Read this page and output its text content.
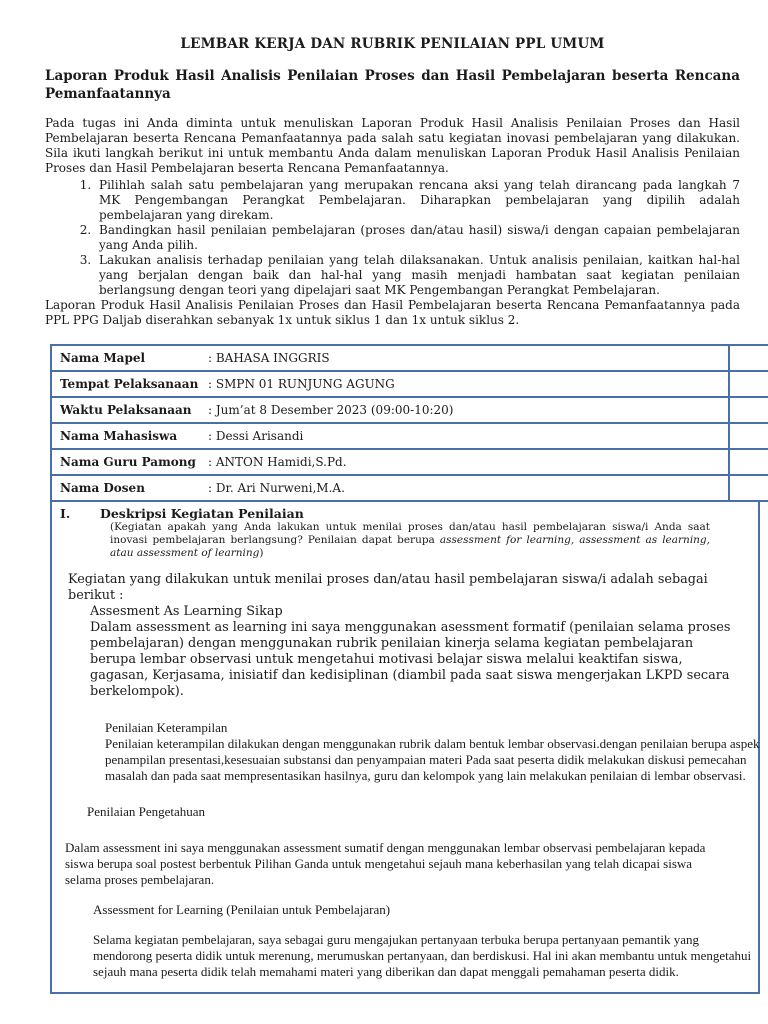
LEMBAR KERJA DAN RUBRIK PENILAIAN PPL UMUM
Laporan Produk Hasil Analisis Penilaian Proses dan Hasil Pembelajaran beserta Rencana Pemanfaatannya

Pada tugas ini Anda diminta untuk menuliskan Laporan Produk Hasil Analisis Penilaian Proses dan Hasil Pembelajaran beserta Rencana Pemanfaatannya pada salah satu kegiatan inovasi pembelajaran yang dilakukan. Sila ikuti langkah berikut ini untuk membantu Anda dalam menuliskan Laporan Produk Hasil Analisis Penilaian Proses dan Hasil Pembelajaran beserta Rencana Pemanfaatannya.

1. Pilihlah salah satu pembelajaran yang merupakan rencana aksi yang telah dirancang pada langkah 7 MK Pengembangan Perangkat Pembelajaran. Diharapkan pembelajaran yang dipilih adalah pembelajaran yang direkam.
2. Bandingkan hasil penilaian pembelajaran (proses dan/atau hasil) siswa/i dengan capaian pembelajaran yang Anda pilih.
3. Lakukan analisis terhadap penilaian yang telah dilaksanakan. Untuk analisis penilaian, kaitkan hal-hal yang berjalan dengan baik dan hal-hal yang masih menjadi hambatan saat kegiatan penilaian berlangsung dengan teori yang dipelajari saat MK Pengembangan Perangkat Pembelajaran.

Laporan Produk Hasil Analisis Penilaian Proses dan Hasil Pembelajaran beserta Rencana Pemanfaatannya pada PPL PPG Daljab diserahkan sebanyak 1x untuk siklus 1 dan 1x untuk siklus 2.

Nama Mapel : BAHASA INGGRIS	

Tempat Pelaksanaan : SMPN 01 RUNJUNG AGUNG	

Waktu Pelaksanaan : Jum’at 8 Desember 2023 (09:00-10:20)	

Nama Mahasiswa : Dessi Arisandi	

Nama Guru Pamong : ANTON Hamidi,S.Pd.	

Nama Dosen : Dr. Ari Nurweni,M.A.	

I.	Deskripsi Kegiatan Penilaian
(Kegiatan apakah yang Anda lakukan untuk menilai proses dan/atau hasil pembelajaran siswa/i Anda saat inovasi pembelajaran berlangsung? Penilaian dapat berupa assessment for learning, assessment as learning, atau assessment of learning)
Kegiatan yang dilakukan untuk menilai proses dan/atau hasil pembelajaran siswa/i adalah sebagai berikut :
Assesment As Learning Sikap
Dalam assessment as learning ini saya menggunakan asessment formatif (penilaian selama proses pembelajaran) dengan menggunakan rubrik penilaian kinerja selama kegiatan pembelajaran berupa lembar observasi untuk mengetahui motivasi belajar siswa melalui keaktifan siswa, gagasan, Kerjasama, inisiatif dan kedisiplinan (diambil pada saat siswa mengerjakan LKPD secara berkelompok).
Penilaian Keterampilan
Penilaian keterampilan dilakukan dengan menggunakan rubrik dalam bentuk lembar observasi.dengan penilaian berupa aspek penampilan presentasi,kesesuaian substansi dan penyampaian materi Pada saat peserta didik melakukan diskusi pemecahan masalah dan pada saat mempresentasikan hasilnya, guru dan kelompok yang lain melakukan penilaian di lembar observasi.
Penilaian Pengetahuan
Dalam assessment ini saya menggunakan assessment sumatif dengan menggunakan lembar observasi pembelajaran kepada siswa berupa soal postest berbentuk Pilihan Ganda untuk mengetahui sejauh mana keberhasilan yang telah dicapai siswa selama proses pembelajaran.
Assessment for Learning (Penilaian untuk Pembelajaran)
Selama kegiatan pembelajaran, saya sebagai guru mengajukan pertanyaan terbuka berupa pertanyaan pemantik yang mendorong peserta didik untuk merenung, merumuskan pertanyaan, dan berdiskusi. Hal ini akan membantu untuk mengetahui sejauh mana peserta didik telah memahami materi yang diberikan dan dapat menggali pemahaman peserta didik.
